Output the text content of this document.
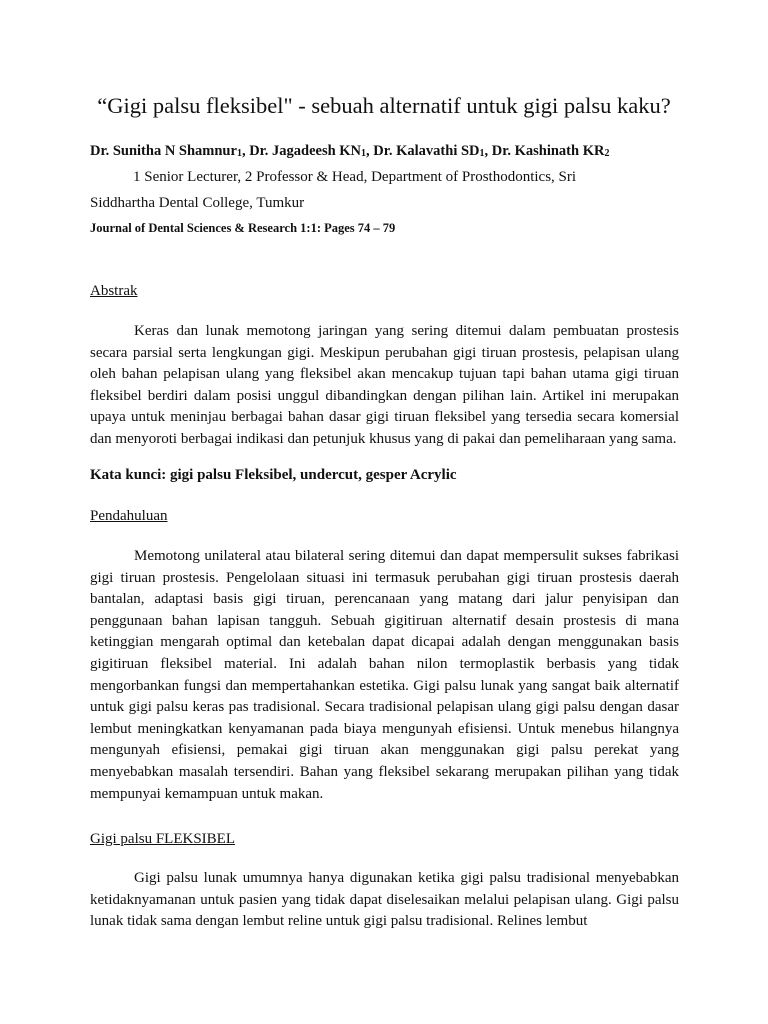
“Gigi palsu fleksibel" - sebuah alternatif untuk gigi palsu kaku?
Dr. Sunitha N Shamnur$_1$, Dr. Jagadeesh $KN_1$, Dr. Kalavathi $SD_1$, Dr. Kashinath $KR_2$
1 Senior Lecturer, 2 Professor & Head, Department of Prosthodontics, Sri
Siddhartha Dental College, Tumkur
Journal of Dental Sciences & Research 1:1: Pages 74 – 79
Abstrak

Keras dan lunak memotong jaringan yang sering ditemui dalam pembuatan prostesis secara parsial serta lengkungan gigi. Meskipun perubahan gigi tiruan prostesis, pelapisan ulang oleh bahan pelapisan ulang yang fleksibel akan mencakup tujuan tapi bahan utama gigi tiruan fleksibel berdiri dalam posisi unggul dibandingkan dengan pilihan lain. Artikel ini merupakan upaya untuk meninjau berbagai bahan dasar gigi tiruan fleksibel yang tersedia secara komersial dan menyoroti berbagai indikasi dan petunjuk khusus yang di pakai dan pemeliharaan yang sama.

Kata kunci: gigi palsu Fleksibel, undercut, gesper Acrylic
Pendahuluan

Memotong unilateral atau bilateral sering ditemui dan dapat mempersulit sukses fabrikasi gigi tiruan prostesis. Pengelolaan situasi ini termasuk perubahan gigi tiruan prostesis daerah bantalan, adaptasi basis gigi tiruan, perencanaan yang matang dari jalur penyisipan dan penggunaan bahan lapisan tangguh. Sebuah gigitiruan alternatif desain prostesis di mana ketinggian mengarah optimal dan ketebalan dapat dicapai adalah dengan menggunakan basis gigitiruan fleksibel material. Ini adalah bahan nilon termoplastik berbasis yang tidak mengorbankan fungsi dan mempertahankan estetika. Gigi palsu lunak yang sangat baik alternatif untuk gigi palsu keras pas tradisional. Secara tradisional pelapisan ulang gigi palsu dengan dasar lembut meningkatkan kenyamanan pada biaya mengunyah efisiensi. Untuk menebus hilangnya mengunyah efisiensi, pemakai gigi tiruan akan menggunakan gigi palsu perekat yang menyebabkan masalah tersendiri. Bahan yang fleksibel sekarang merupakan pilihan yang tidak mempunyai kemampuan untuk makan.

Gigi palsu FLEKSIBEL

Gigi palsu lunak umumnya hanya digunakan ketika gigi palsu tradisional menyebabkan ketidaknyamanan untuk pasien yang tidak dapat diselesaikan melalui pelapisan ulang. Gigi palsu lunak tidak sama dengan lembut reline untuk gigi palsu tradisional. Relines lembut
